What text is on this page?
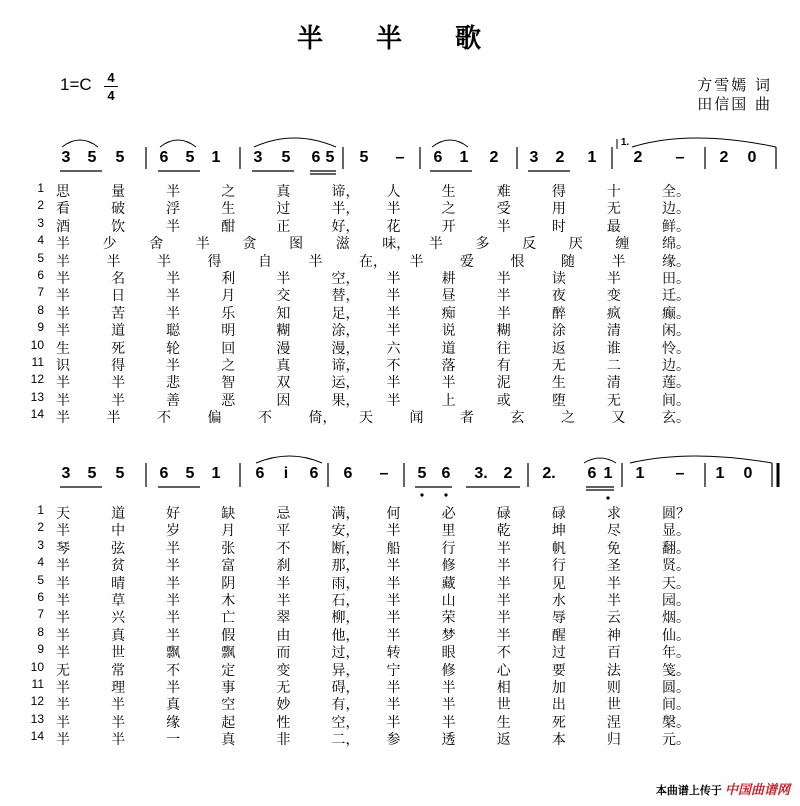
半 半 歌
1=C 4
4
方雪嫣 词
田信国 曲
3 5 5 6 5 1 3 5 6 5 5 – 6 1 2 3 2 1
1.
2 – 2 0
1 思	量	半	之	真	谛， 人	生	难	得	十	全。
2 看	破	浮	生	过	半， 半	之	受	用	无	边。
3 酒	饮	半	酣	正	好， 花	开	半	时	最	鲜。
4 半 少 舍 半 贪 图 滋 味， 半 多 反 厌 缠 绵。
5 半	半	半	得	自	半	在， 半	爱	恨	随	半	缘。
6 半	名	半	利	半	空， 半	耕	半	读	半	田。
7 半	日	半	月	交	替， 半	昼	半	夜	变	迁。
8 半	苦	半	乐	知	足， 半	痴	半	醉	疯	癫。
9 半	道	聪	明	糊	涂， 半	说	糊	涂	清	闲。
10 生	死	轮	回	漫	漫， 六	道	往	返	谁	怜。
11 识	得	半	之	真	谛， 不	落	有	无	二	边。
12 半	半	悲	智	双	运， 半	半	泥	生	清	莲。
13 半	半	善	恶	因	果， 半	上	或	堕	无	间。
14 半	半	不	偏	不	倚， 天	闻	者	玄	之	又	玄。
3 5 5 6 5 1 6	i	6 6 – 5 6 3. 2 2. 6 1 1 – 1 0
1 天	道	好	缺	忌	满， 何	必	碌	碌	求	圆？
2 半	中	岁	月	平	安， 半	里	乾	坤	尽	显。
3 琴	弦	半	张	不	断， 船	行	半	帆	免	翻。
4 半	贫	半	富	刹	那， 半	修	半	行	圣	贤。
5 半	晴	半	阴	半	雨， 半	藏	半	见	半	天。
6 半	草	半	木	半	石， 半	山	半	水	半	园。
7 半	兴	半	亡	翠	柳， 半	荣	半	辱	云	烟。
8 半	真	半	假	由	他， 半	梦	半	醒	神	仙。
9 半	世	飘	飘	而	过， 转	眼	不	过	百	年。
10 无	常	不	定	变	异， 宁	修	心	要	法	笺。
11 半	理	半	事	无	碍， 半	半	相	加	则	圆。
12 半	半	真	空	妙	有， 半	半	世	出	世	间。
13 半	半	缘	起	性	空， 半	半	生	死	涅	槃。
14 半	半	一	真	非	二， 参	透	返	本	归	元。
本曲谱上传于 中国曲谱网
